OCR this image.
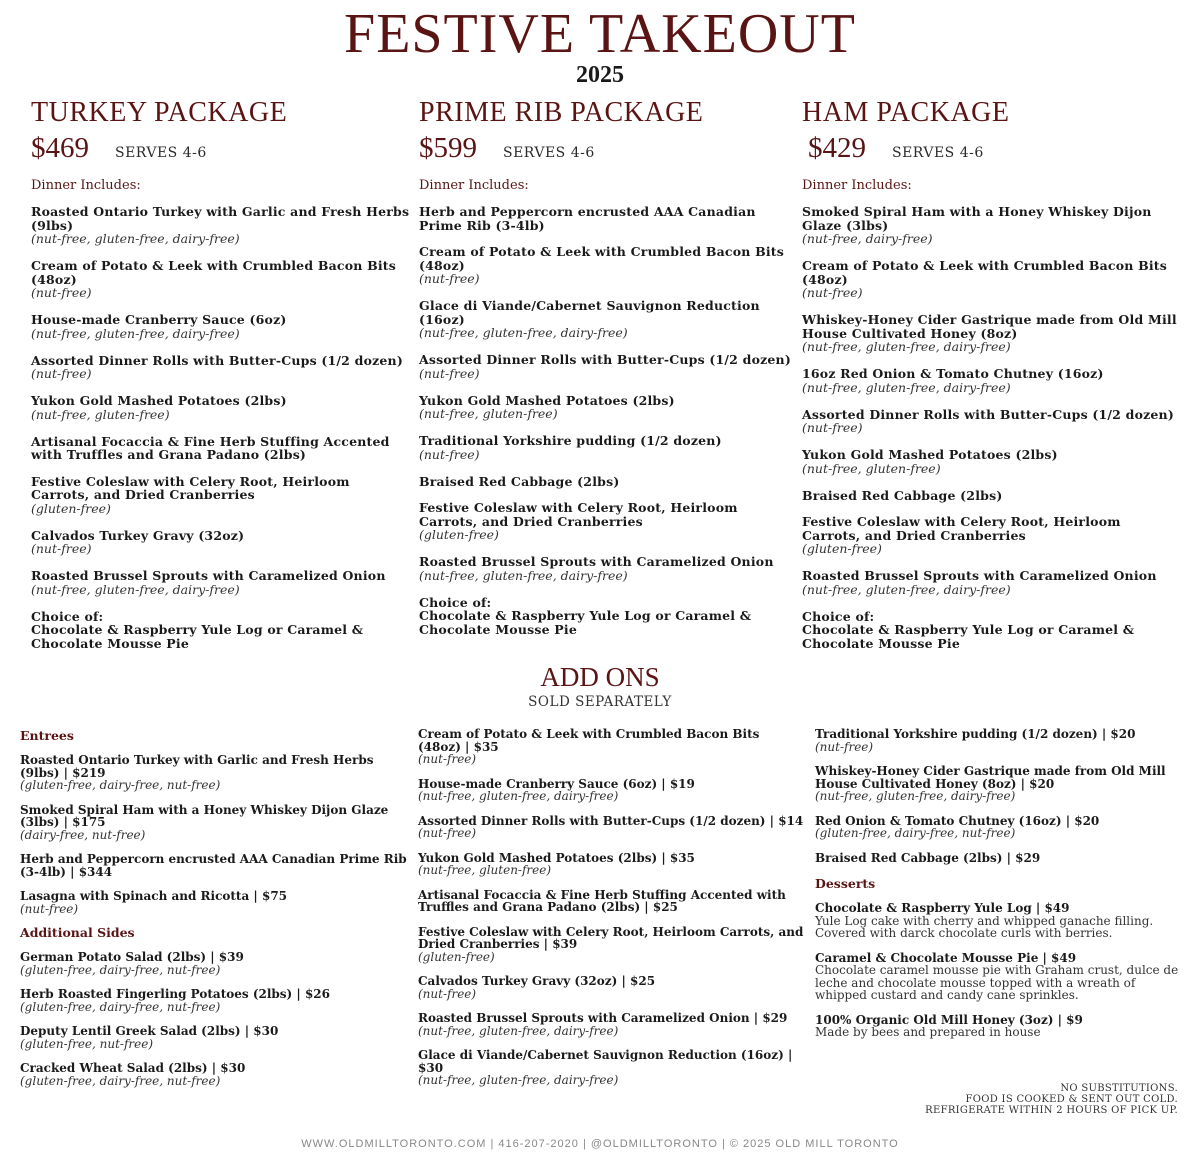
FESTIVE TAKEOUT
2025
TURKEY PACKAGE
$469	SERVES 4-6
Dinner Includes:
Roasted Ontario Turkey with Garlic and Fresh Herbs (9lbs)
(nut-free, gluten-free, dairy-free)
Cream of Potato & Leek with Crumbled Bacon Bits (48oz)
(nut-free)
House-made Cranberry Sauce (6oz)
(nut-free, gluten-free, dairy-free)
Assorted Dinner Rolls with Butter-Cups (1/2 dozen)
(nut-free)
Yukon Gold Mashed Potatoes (2lbs)
(nut-free, gluten-free)
Artisanal Focaccia & Fine Herb Stuffing Accented with Truffles and Grana Padano (2lbs)
Festive Coleslaw with Celery Root, Heirloom Carrots, and Dried Cranberries
(gluten-free)
Calvados Turkey Gravy (32oz)
(nut-free)
Roasted Brussel Sprouts with Caramelized Onion
(nut-free, gluten-free, dairy-free)
Choice of:
Chocolate & Raspberry Yule Log or Caramel & Chocolate Mousse Pie
PRIME RIB PACKAGE
$599	SERVES 4-6
Dinner Includes:
Herb and Peppercorn encrusted AAA Canadian Prime Rib (3-4lb)
Cream of Potato & Leek with Crumbled Bacon Bits (48oz)
(nut-free)
Glace di Viande/Cabernet Sauvignon Reduction (16oz)
(nut-free, gluten-free, dairy-free)
Assorted Dinner Rolls with Butter-Cups (1/2 dozen)
(nut-free)
Yukon Gold Mashed Potatoes (2lbs)
(nut-free, gluten-free)
Traditional Yorkshire pudding (1/2 dozen)
(nut-free)
Braised Red Cabbage (2lbs)
Festive Coleslaw with Celery Root, Heirloom Carrots, and Dried Cranberries
(gluten-free)
Roasted Brussel Sprouts with Caramelized Onion
(nut-free, gluten-free, dairy-free)
Choice of:
Chocolate & Raspberry Yule Log or Caramel & Chocolate Mousse Pie
HAM PACKAGE
$429	SERVES 4-6
Dinner Includes:
Smoked Spiral Ham with a Honey Whiskey Dijon Glaze (3lbs)
(nut-free, dairy-free)
Cream of Potato & Leek with Crumbled Bacon Bits (48oz)
(nut-free)
Whiskey-Honey Cider Gastrique made from Old Mill House Cultivated Honey (8oz)
(nut-free, gluten-free, dairy-free)
16oz Red Onion & Tomato Chutney (16oz)
(nut-free, gluten-free, dairy-free)
Assorted Dinner Rolls with Butter-Cups (1/2 dozen)
(nut-free)
Yukon Gold Mashed Potatoes (2lbs)
(nut-free, gluten-free)
Braised Red Cabbage (2lbs)
Festive Coleslaw with Celery Root, Heirloom Carrots, and Dried Cranberries
(gluten-free)
Roasted Brussel Sprouts with Caramelized Onion
(nut-free, gluten-free, dairy-free)
Choice of:
Chocolate & Raspberry Yule Log or Caramel & Chocolate Mousse Pie
ADD ONS
SOLD SEPARATELY
Entrees
Roasted Ontario Turkey with Garlic and Fresh Herbs (9lbs) | $219
(gluten-free, dairy-free, nut-free)
Smoked Spiral Ham with a Honey Whiskey Dijon Glaze (3lbs) | $175
(dairy-free, nut-free)
Herb and Peppercorn encrusted AAA Canadian Prime Rib (3-4lb) | $344
Lasagna with Spinach and Ricotta | $75
(nut-free)
Additional Sides
German Potato Salad (2lbs) | $39
(gluten-free, dairy-free, nut-free)
Herb Roasted Fingerling Potatoes (2lbs) | $26
(gluten-free, dairy-free, nut-free)
Deputy Lentil Greek Salad (2lbs) | $30
(gluten-free, nut-free)
Cracked Wheat Salad (2lbs) | $30
(gluten-free, dairy-free, nut-free)
Cream of Potato & Leek with Crumbled Bacon Bits (48oz) | $35
(nut-free)
House-made Cranberry Sauce (6oz) | $19
(nut-free, gluten-free, dairy-free)
Assorted Dinner Rolls with Butter-Cups (1/2 dozen) | $14
(nut-free)
Yukon Gold Mashed Potatoes (2lbs) | $35
(nut-free, gluten-free)
Artisanal Focaccia & Fine Herb Stuffing Accented with Truffles and Grana Padano (2lbs) | $25
Festive Coleslaw with Celery Root, Heirloom Carrots, and Dried Cranberries | $39
(gluten-free)
Calvados Turkey Gravy (32oz) | $25
(nut-free)
Roasted Brussel Sprouts with Caramelized Onion | $29
(nut-free, gluten-free, dairy-free)
Glace di Viande/Cabernet Sauvignon Reduction (16oz) | $30
(nut-free, gluten-free, dairy-free)
Traditional Yorkshire pudding (1/2 dozen) | $20
(nut-free)
Whiskey-Honey Cider Gastrique made from Old Mill House Cultivated Honey (8oz) | $20
(nut-free, gluten-free, dairy-free)
Red Onion & Tomato Chutney (16oz) | $20
(gluten-free, dairy-free, nut-free)
Braised Red Cabbage (2lbs) | $29
Desserts
Chocolate & Raspberry Yule Log | $49
Yule Log cake with cherry and whipped ganache filling. Covered with darck chocolate curls with berries.
Caramel & Chocolate Mousse Pie | $49
Chocolate caramel mousse pie with Graham crust, dulce de leche and chocolate mousse topped with a wreath of whipped custard and candy cane sprinkles.
100% Organic Old Mill Honey (3oz) | $9
Made by bees and prepared in house
NO SUBSTITUTIONS.
FOOD IS COOKED & SENT OUT COLD.
REFRIGERATE WITHIN 2 HOURS OF PICK UP.
WWW.OLDMILLTORONTO.COM | 416-207-2020 | @OLDMILLTORONTO | © 2025 OLD MILL TORONTO
